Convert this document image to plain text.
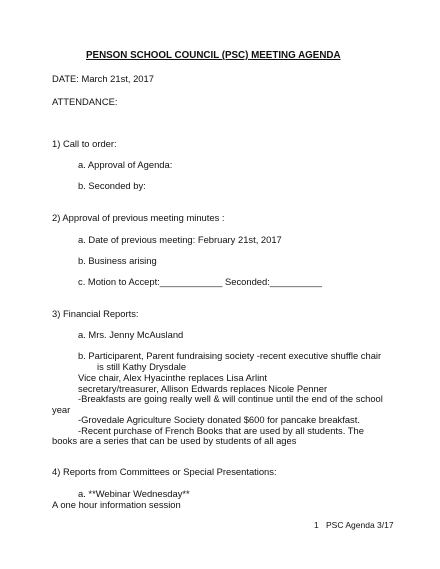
PENSON SCHOOL COUNCIL (PSC) MEETING AGENDA
DATE: March 21st, 2017
ATTENDANCE:
1) Call to order:
a. Approval of Agenda:
b. Seconded by:
2) Approval of previous meeting minutes :
a. Date of previous meeting: February 21st, 2017
b. Business arising
c. Motion to Accept:____________ Seconded:__________
3) Financial Reports:
a. Mrs. Jenny McAusland
b. Participarent, Parent fundraising society -recent executive shuffle chair
is still Kathy Drysdale
Vice chair, Alex Hyacinthe replaces Lisa Arlint
secretary/treasurer, Allison Edwards replaces Nicole Penner
-Breakfasts are going really well & will continue until the end of the school
year
-Grovedale Agriculture Society donated $600 for pancake breakfast.
-Recent purchase of French Books that are used by all students. The
books are a series that can be used by students of all ages
4) Reports from Committees or Special Presentations:
a. **Webinar Wednesday**
A one hour information session
1 PSC Agenda 3/17
